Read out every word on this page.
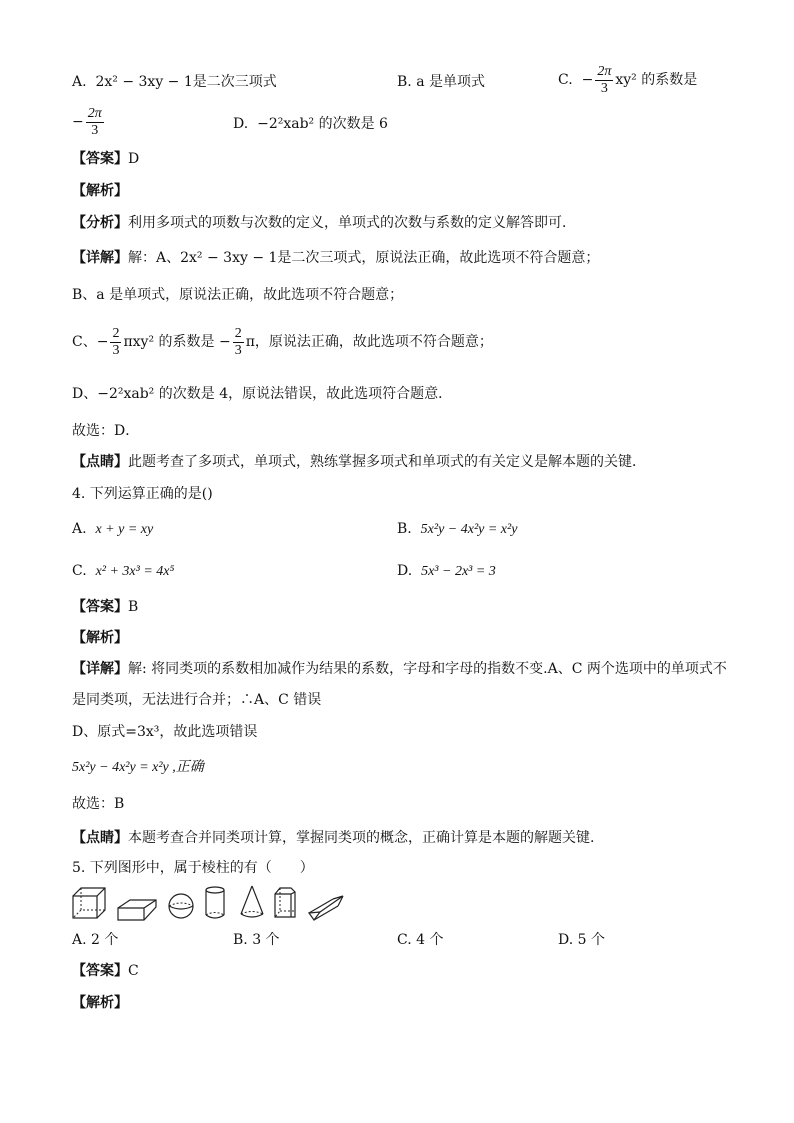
A. 2x² − 3xy − 1是二次三项式	B. a 是单项式	C.  − $\frac{2\pi}{3} xy^2$ 的系数是
− $\frac{2\pi}{3}$	D. −2²xab² 的次数是 6
【答案】D
【解析】
【分析】利用多项式的项数与次数的定义，单项式的次数与系数的定义解答即可．
【详解】解：A、2x² − 3xy − 1是二次三项式，原说法正确，故此选项不符合题意；
B、a 是单项式，原说法正确，故此选项不符合题意；
C、− $\frac{2}{3} \pi xy^2$ 的系数是 − $\frac{2}{3}$ π，原说法正确，故此选项不符合题意；
D、−2²xab² 的次数是 4，原说法错误，故此选项符合题意．
故选：D．
【点睛】此题考查了多项式，单项式，熟练掌握多项式和单项式的有关定义是解本题的关键．
4. 下列运算正确的是()
A. x + y = xy	B. 5x²y − 4x²y = x²y
C. x² + 3x³ = 4x⁵	D. 5x³ − 2x³ = 3
【答案】B
【解析】
【详解】解: 将同类项的系数相加减作为结果的系数，字母和字母的指数不变.A、C 两个选项中的单项式不
是同类项，无法进行合并；∴A、C 错误
D、原式=3x³，故此选项错误
5x²y − 4x²y = x²y ,正确
故选：B
【点睛】本题考查合并同类项计算，掌握同类项的概念，正确计算是本题的解题关键.
5. 下列图形中，属于棱柱的有（　　）
A. 2 个	B. 3 个	C. 4 个	D. 5 个
【答案】C
【解析】
